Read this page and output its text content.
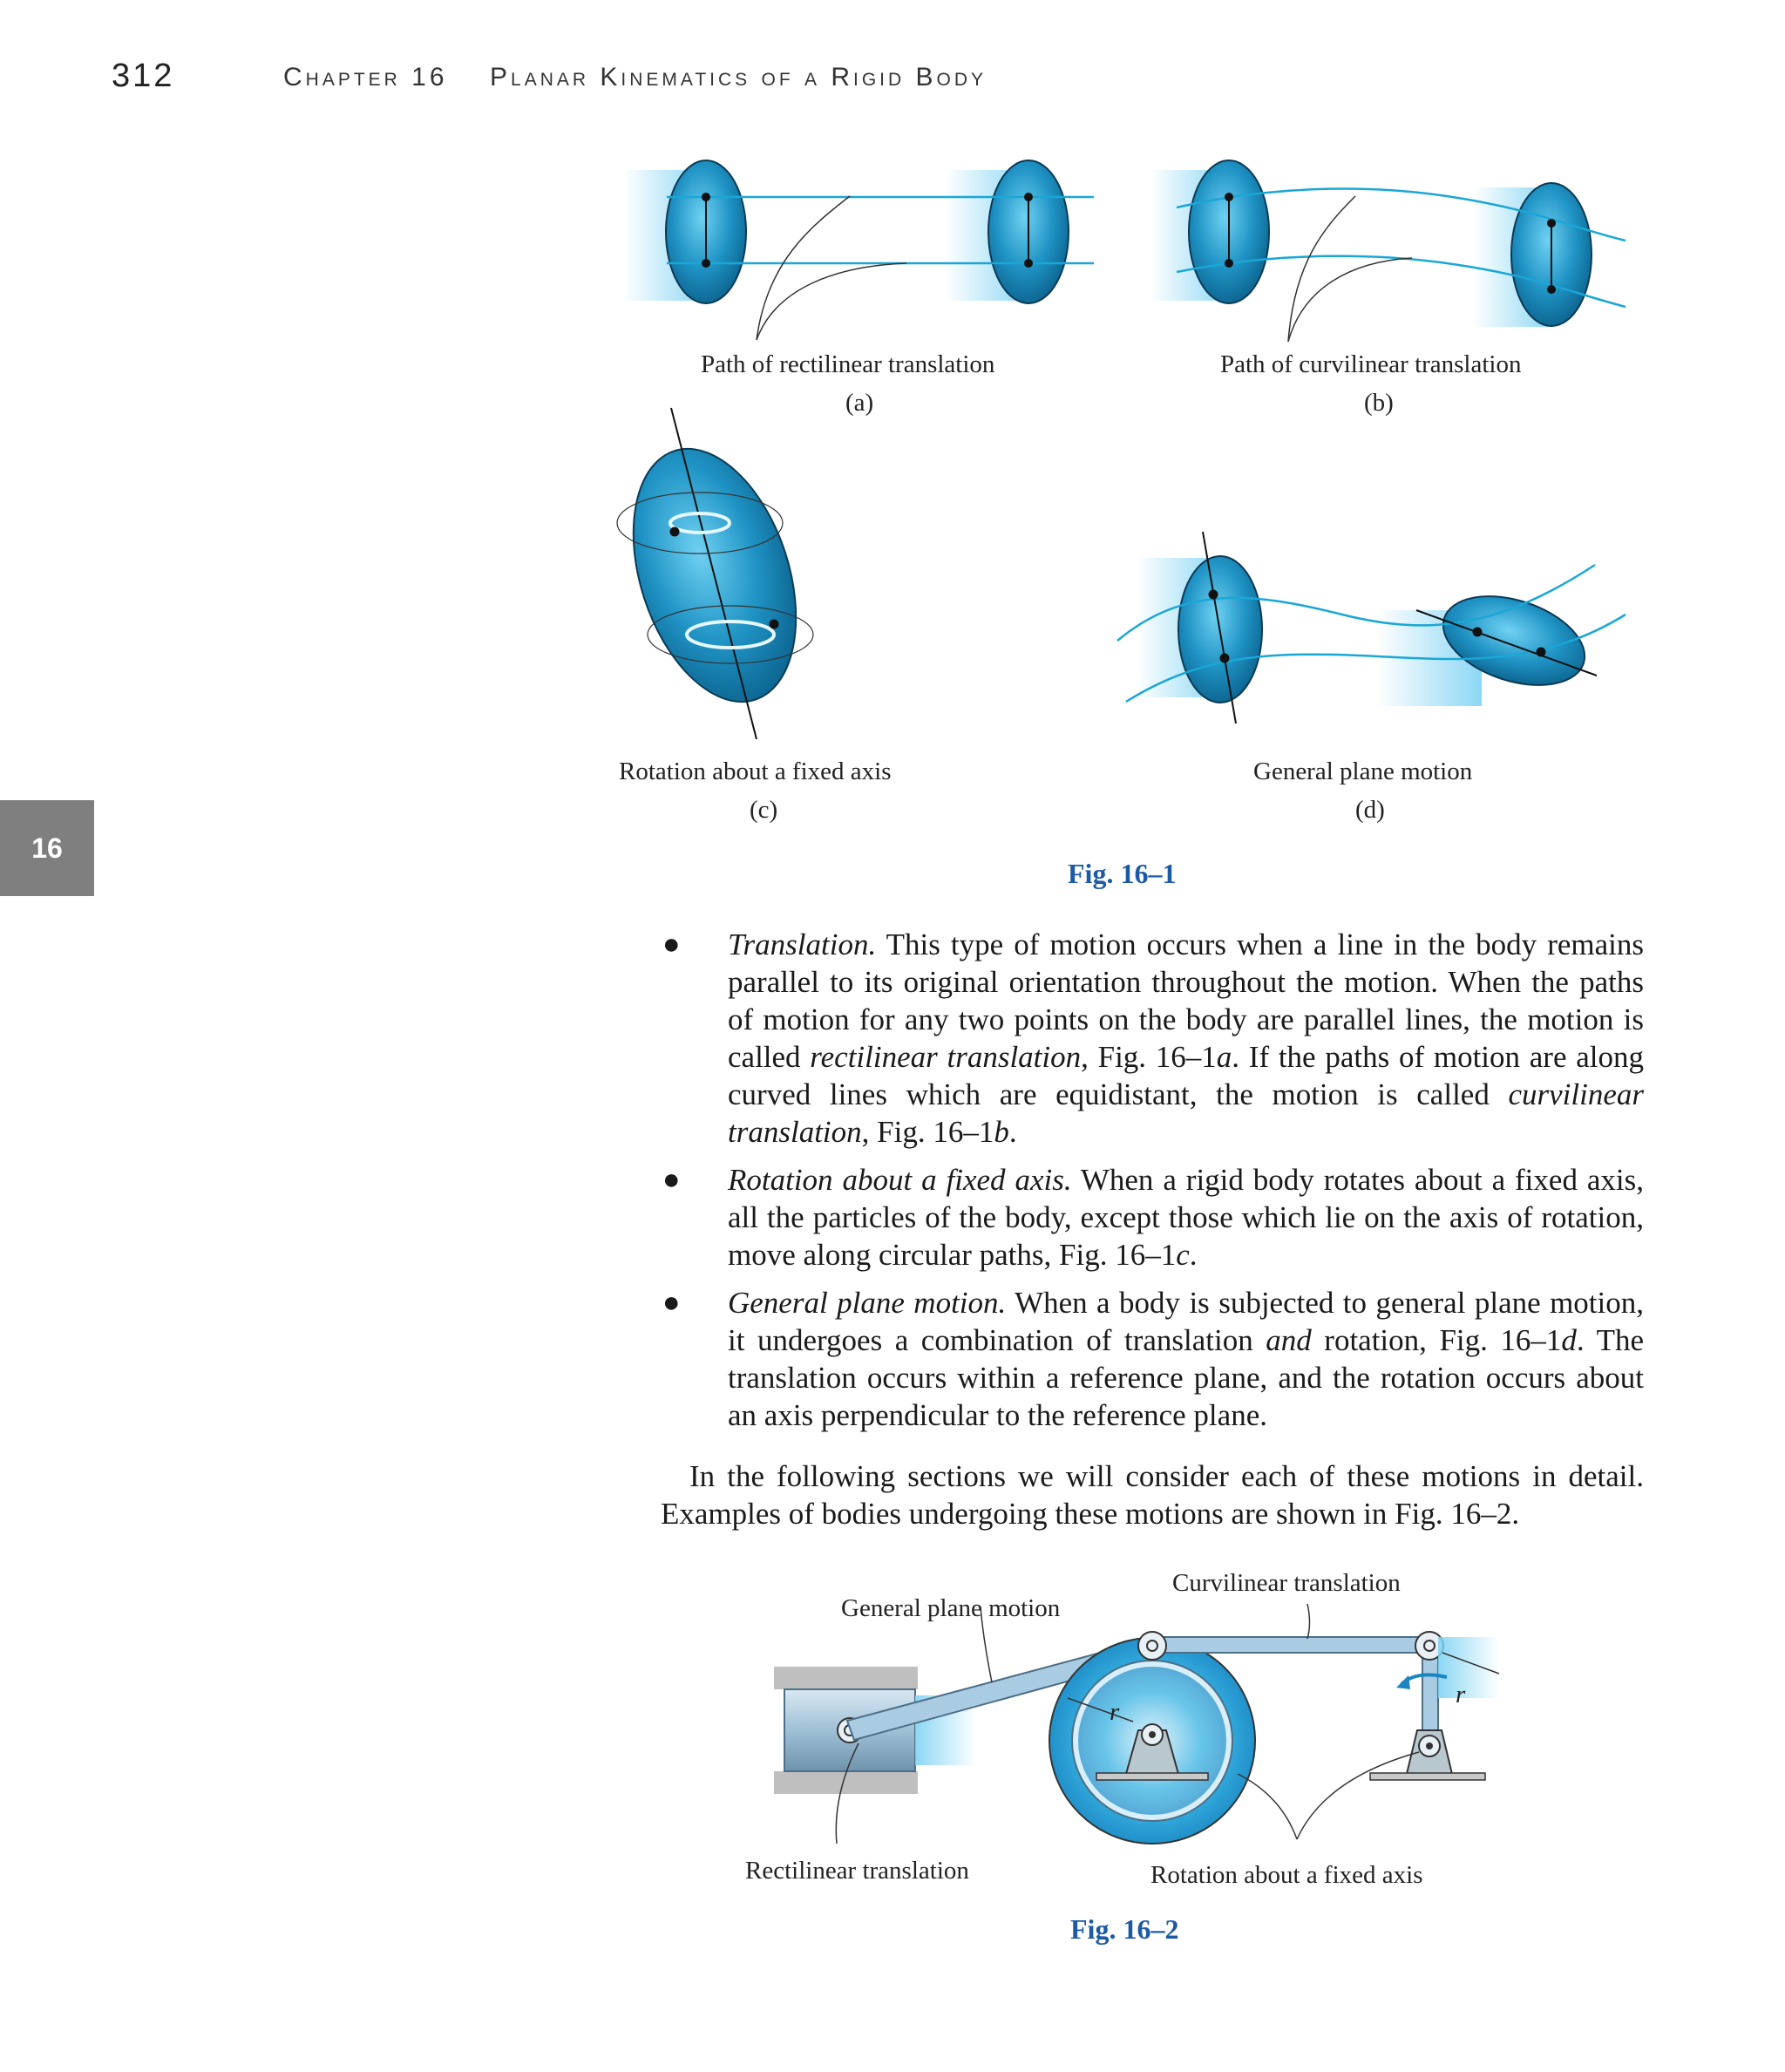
312	Chapter 16 Planar Kinematics of a Rigid Body
16
Path of rectilinear translation
(a)
Path of curvilinear translation
(b)
Rotation about a fixed axis
(c)
General plane motion
(d)
Fig. 16–1
● Translation. This type of motion occurs when a line in the body remains parallel to its original orientation throughout the motion. When the paths of motion for any two points on the body are parallel lines, the motion is called rectilinear translation, Fig. 16–1a. If the paths of motion are along curved lines which are equidistant, the motion is called curvilinear translation, Fig. 16–1b.
● Rotation about a fixed axis. When a rigid body rotates about a fixed axis, all the particles of the body, except those which lie on the axis of rotation, move along circular paths, Fig. 16–1c.
● General plane motion. When a body is subjected to general plane motion, it undergoes a combination of translation and rotation, Fig. 16–1d. The translation occurs within a reference plane, and the rotation occurs about an axis perpendicular to the reference plane.

In the following sections we will consider each of these motions in detail. Examples of bodies undergoing these motions are shown in Fig. 16–2.

General plane motion
Curvilinear translation
Rectilinear translation	Rotation about a fixed axis
r
r
Fig. 16–2
